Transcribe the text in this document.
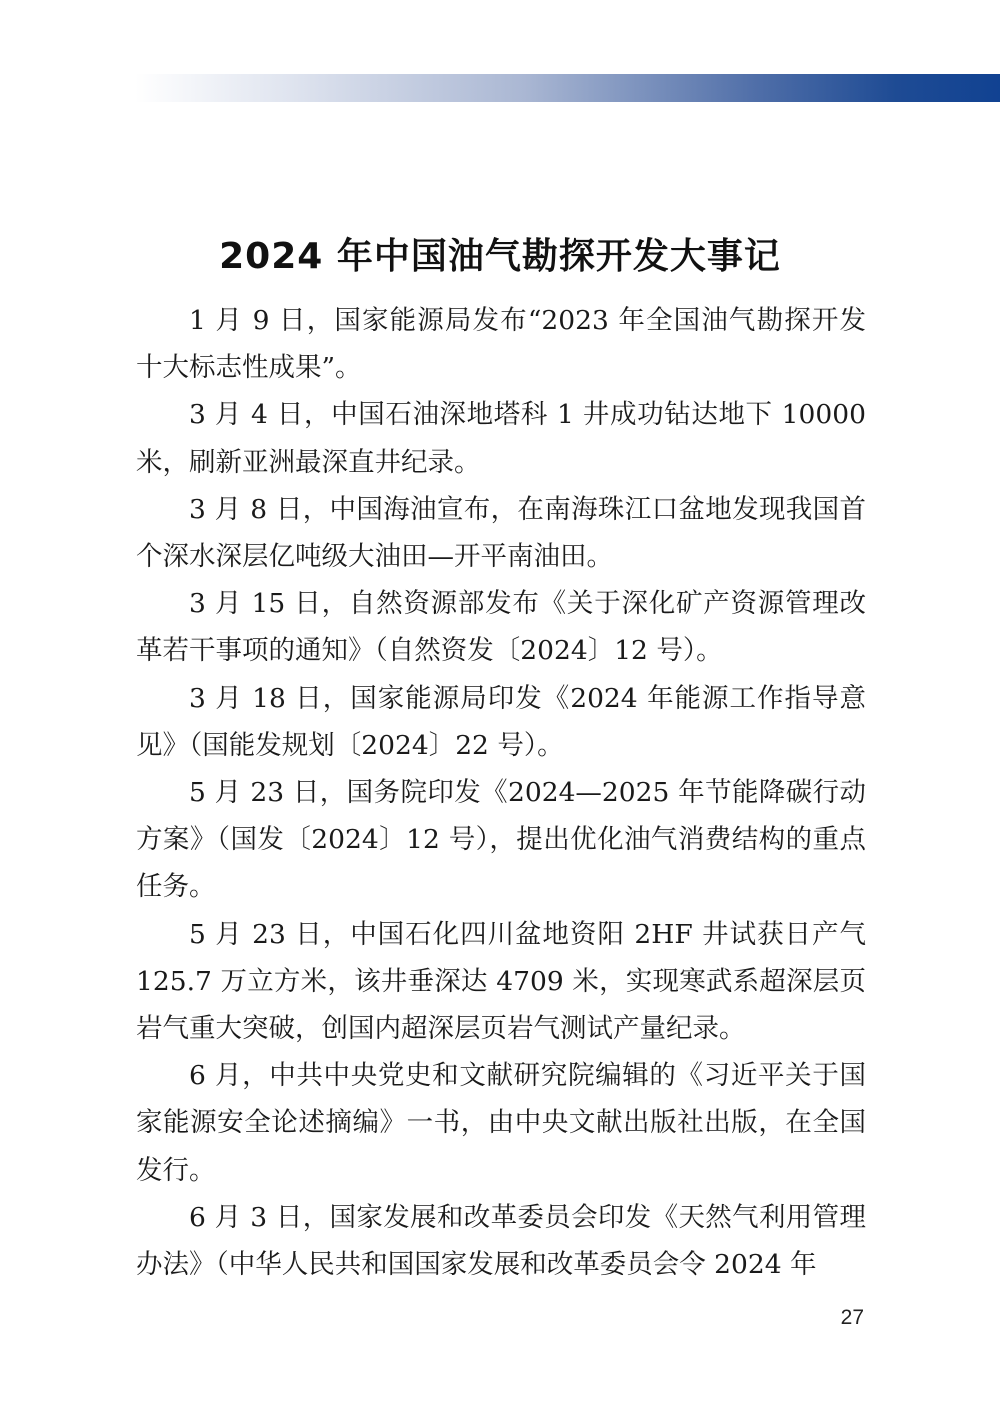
2024 年中国油气勘探开发大事记

1 月 9 日，国家能源局发布“2023 年全国油气勘探开发十大标志性成果”。

3 月 4 日，中国石油深地塔科 1 井成功钻达地下 10000 米，刷新亚洲最深直井纪录。

3 月 8 日，中国海油宣布，在南海珠江口盆地发现我国首个深水深层亿吨级大油田—开平南油田。

3 月 15 日，自然资源部发布《关于深化矿产资源管理改革若干事项的通知》（自然资发〔2024〕12 号）。

3 月 18 日，国家能源局印发《2024 年能源工作指导意见》（国能发规划〔2024〕22 号）。

5 月 23 日，国务院印发《2024—2025 年节能降碳行动方案》（国发〔2024〕12 号），提出优化油气消费结构的重点任务。

5 月 23 日，中国石化四川盆地资阳 2HF 井试获日产气 125.7 万立方米，该井垂深达 4709 米，实现寒武系超深层页岩气重大突破，创国内超深层页岩气测试产量纪录。

6 月，中共中央党史和文献研究院编辑的《习近平关于国家能源安全论述摘编》一书，由中央文献出版社出版，在全国发行。

6 月 3 日，国家发展和改革委员会印发《天然气利用管理办法》（中华人民共和国国家发展和改革委员会令 2024 年

27
